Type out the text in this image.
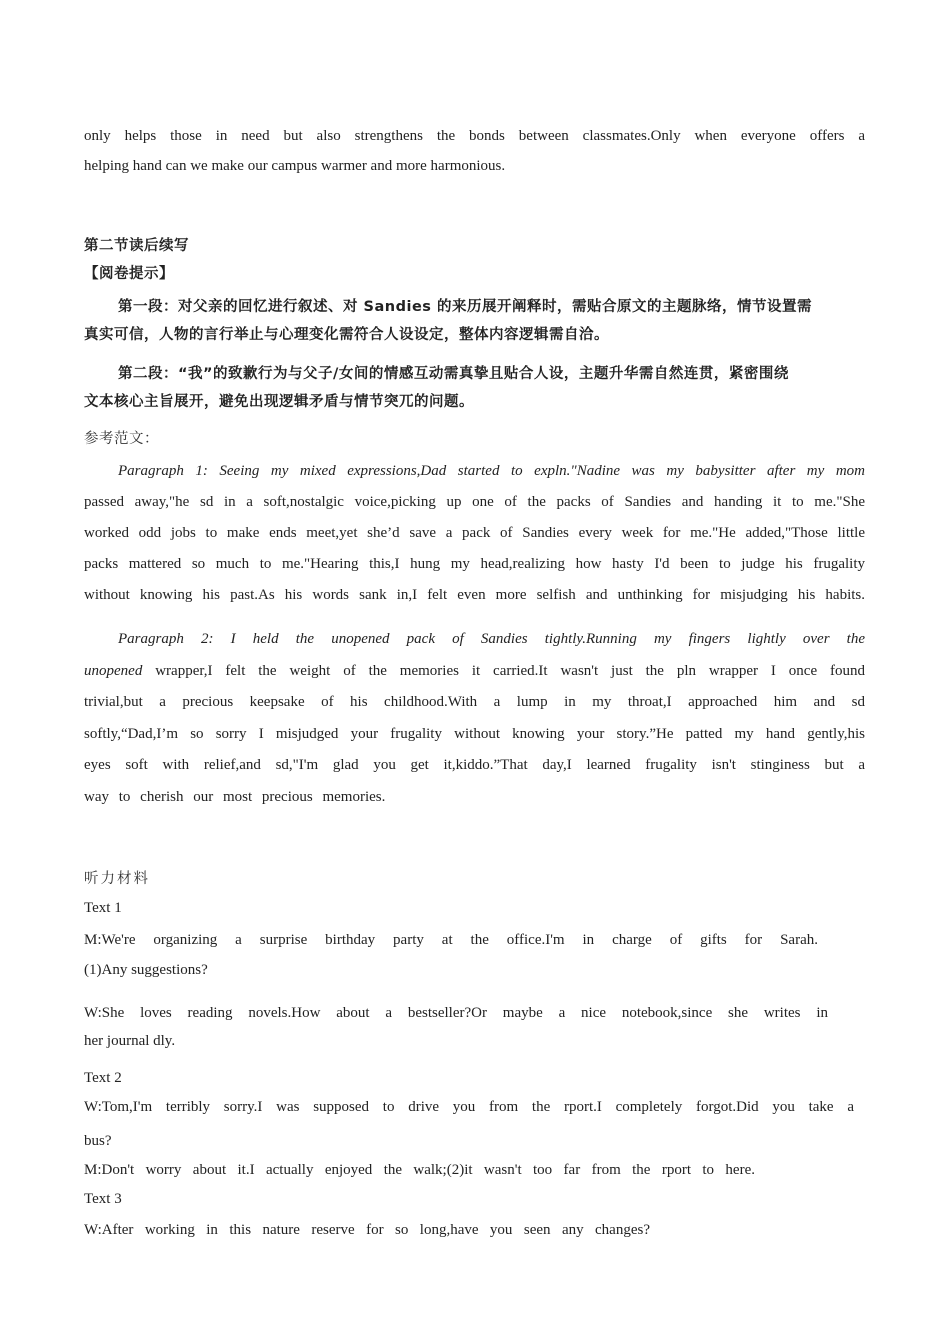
only helps those in need but also strengthens the bonds between classmates.Only when everyone offers a
helping hand can we make our campus warmer and more harmonious.
第二节读后续写
【阅卷提示】
第一段：对父亲的回忆进行叙述、对 Sandies 的来历展开阐释时，需贴合原文的主题脉络，情节设置需
真实可信，人物的言行举止与心理变化需符合人设设定，整体内容逻辑需自洽。
第二段：“我”的致歉行为与父子/女间的情感互动需真挚且贴合人设，主题升华需自然连贯，紧密围绕
文本核心主旨展开，避免出现逻辑矛盾与情节突兀的问题。
参考范文：
Paragraph 1: Seeing my mixed expressions,Dad started to expln."Nadine was my babysitter after my mom
passed away,"he sd in a soft,nostalgic voice,picking up one of the packs of Sandies and handing it to me."She
worked odd jobs to make ends meet,yet she’d save a pack of Sandies every week for me."He added,"Those little
packs mattered so much to me."Hearing this,I hung my head,realizing how hasty I'd been to judge his frugality
without knowing his past.As his words sank in,I felt even more selfish and unthinking for misjudging his habits.
Paragraph 2: I held the unopened pack of Sandies tightly.Running my fingers lightly over the
unopened wrapper,I felt the weight of the memories it carried.It wasn't just the pln wrapper I once found
trivial,but a precious keepsake of his childhood.With a lump in my throat,I approached him and sd
softly,“Dad,I’m so sorry I misjudged your frugality without knowing your story.”He patted my hand gently,his
eyes soft with relief,and sd,"I'm glad you get it,kiddo.”That day,I learned frugality isn't stinginess but a
way to cherish our most precious memories.
听力材料
Text 1
M:We're organizing a surprise birthday party at the office.I'm in charge of gifts for Sarah.
(1)Any suggestions?
W:She loves reading novels.How about a bestseller?Or maybe a nice notebook,since she writes in
her journal dly.
Text 2
W:Tom,I'm terribly sorry.I was supposed to drive you from the rport.I completely forgot.Did you take a
bus?
M:Don't worry about it.I actually enjoyed the walk;(2)it wasn't too far from the rport to here.
Text 3
W:After working in this nature reserve for so long,have you seen any changes?
